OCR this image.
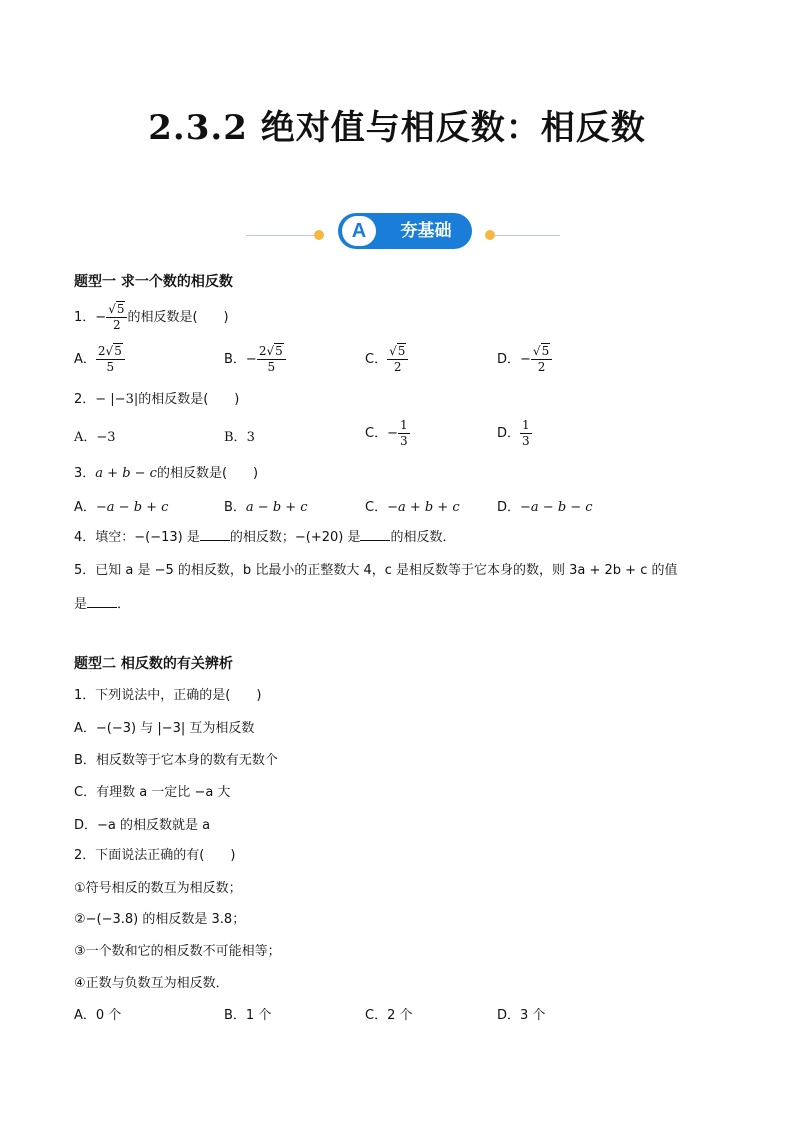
2.3.2 绝对值与相反数：相反数
A	夯基础
题型一 求一个数的相反数
1．− $\frac{√5}{2}$ 的相反数是(　　)
A． $\frac{2√5}{5}$	B．− $\frac{2√5}{5}$	C． $\frac{√5}{2}$	D．− $\frac{√5}{2}$
2．− |−3|的相反数是(　　)
A．−3	B．3	C．− $\frac{1}{3}$	D． $\frac{1}{3}$
3．a + b − c的相反数是(　　)
A．−a − b + c	B．a − b + c	C．−a + b + c	D．−a − b − c
4．填空：−(−13) 是 的相反数；−(+20) 是 的相反数．
5．已知 a 是 −5 的相反数，b 比最小的正整数大 4，c 是相反数等于它本身的数，则 3a + 2b + c 的值
是 ．
题型二 相反数的有关辨析
1．下列说法中，正确的是(　　)
A．−(−3) 与 |−3| 互为相反数
B．相反数等于它本身的数有无数个
C．有理数 a 一定比 −a 大
D．−a 的相反数就是 a
2．下面说法正确的有(　　)
①符号相反的数互为相反数；
②−(−3.8) 的相反数是 3.8；
③一个数和它的相反数不可能相等；
④正数与负数互为相反数．
A．0 个	B．1 个	C．2 个	D．3 个
